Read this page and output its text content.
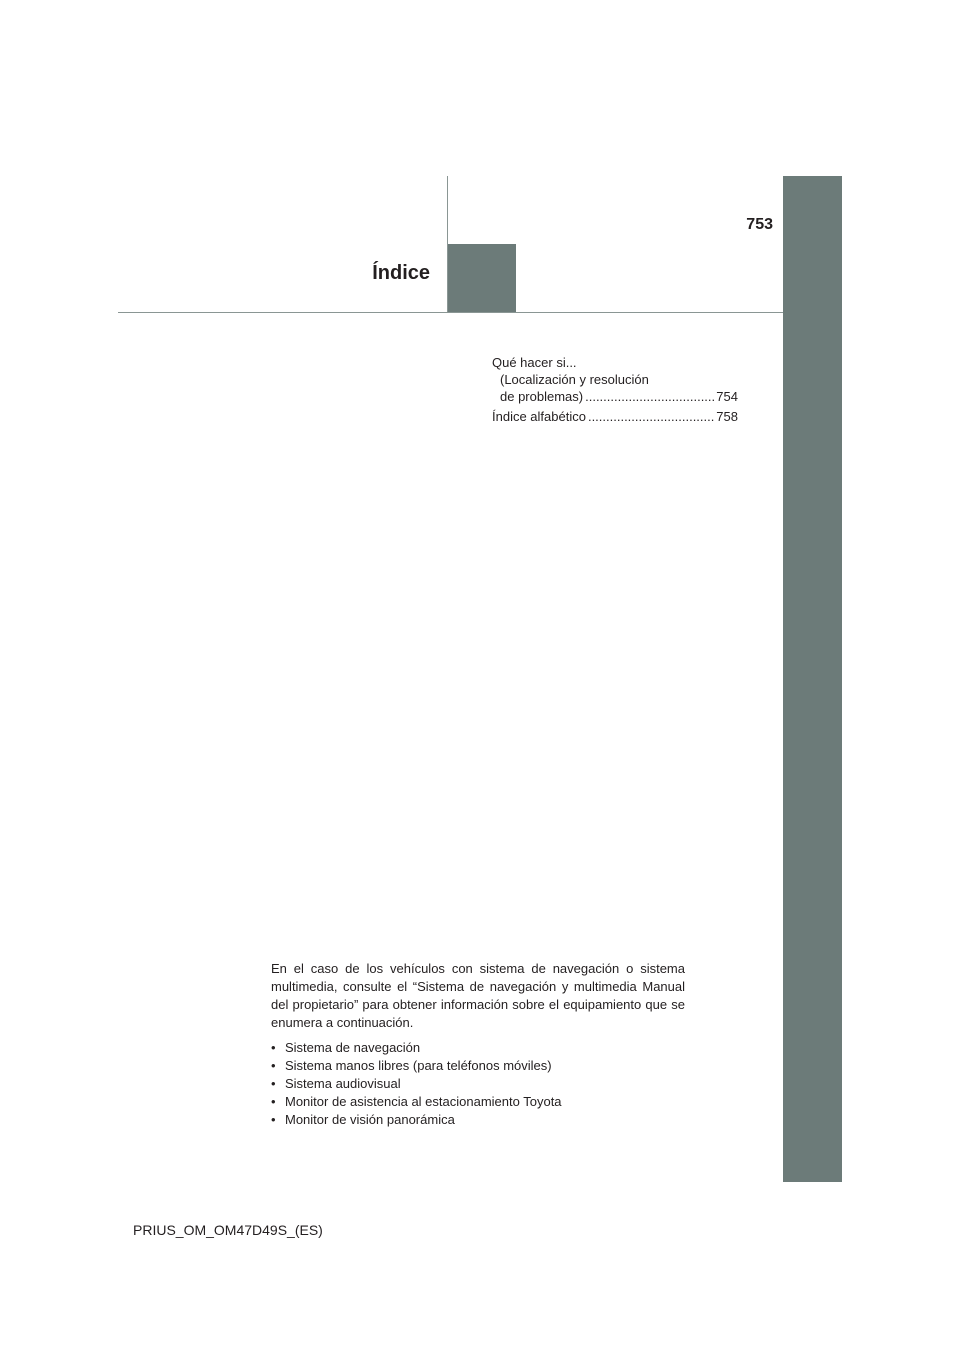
753
Índice
Qué hacer si...
(Localización y resolución
de problemas) .....	754
Índice alfabético .....	758

En el caso de los vehículos con sistema de navegación o sistema multimedia, consulte el “Sistema de navegación y multimedia Manual del propietario” para obtener información sobre el equipamiento que se enumera a continuación.

• Sistema de navegación
• Sistema manos libres (para teléfonos móviles)
• Sistema audiovisual
• Monitor de asistencia al estacionamiento Toyota
• Monitor de visión panorámica
PRIUS_OM_OM47D49S_(ES)
